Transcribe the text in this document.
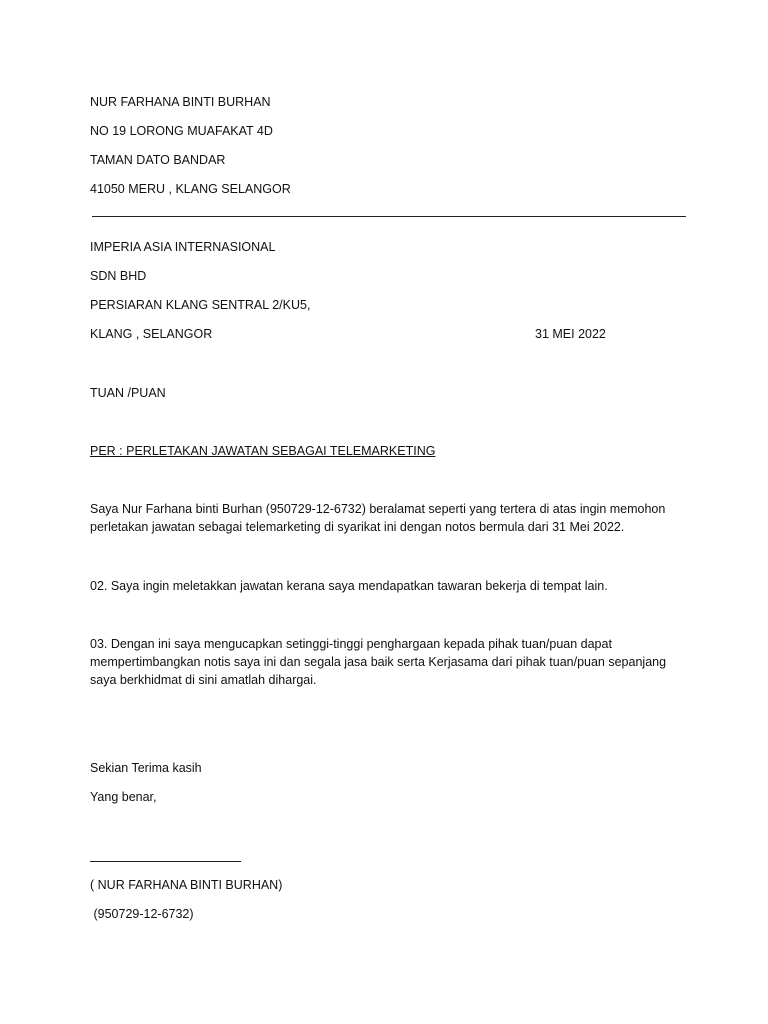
NUR FARHANA BINTI BURHAN
NO 19 LORONG MUAFAKAT 4D
TAMAN DATO BANDAR
41050 MERU , KLANG SELANGOR
IMPERIA ASIA INTERNASIONAL
SDN BHD
PERSIARAN KLANG SENTRAL 2/KU5,
KLANG , SELANGOR	31 MEI 2022
TUAN /PUAN
PER : PERLETAKAN JAWATAN SEBAGAI TELEMARKETING
Saya Nur Farhana binti Burhan (950729-12-6732) beralamat seperti yang tertera di atas ingin memohon
perletakan jawatan sebagai telemarketing di syarikat ini dengan notos bermula dari 31 Mei 2022.
02. Saya ingin meletakkan jawatan kerana saya mendapatkan tawaran bekerja di tempat lain.
03. Dengan ini saya mengucapkan setinggi-tinggi penghargaan kepada pihak tuan/puan dapat
mempertimbangkan notis saya ini dan segala jasa baik serta Kerjasama dari pihak tuan/puan sepanjang
saya berkhidmat di sini amatlah dihargai.
Sekian Terima kasih
Yang benar,
( NUR FARHANA BINTI BURHAN)
(950729-12-6732)
